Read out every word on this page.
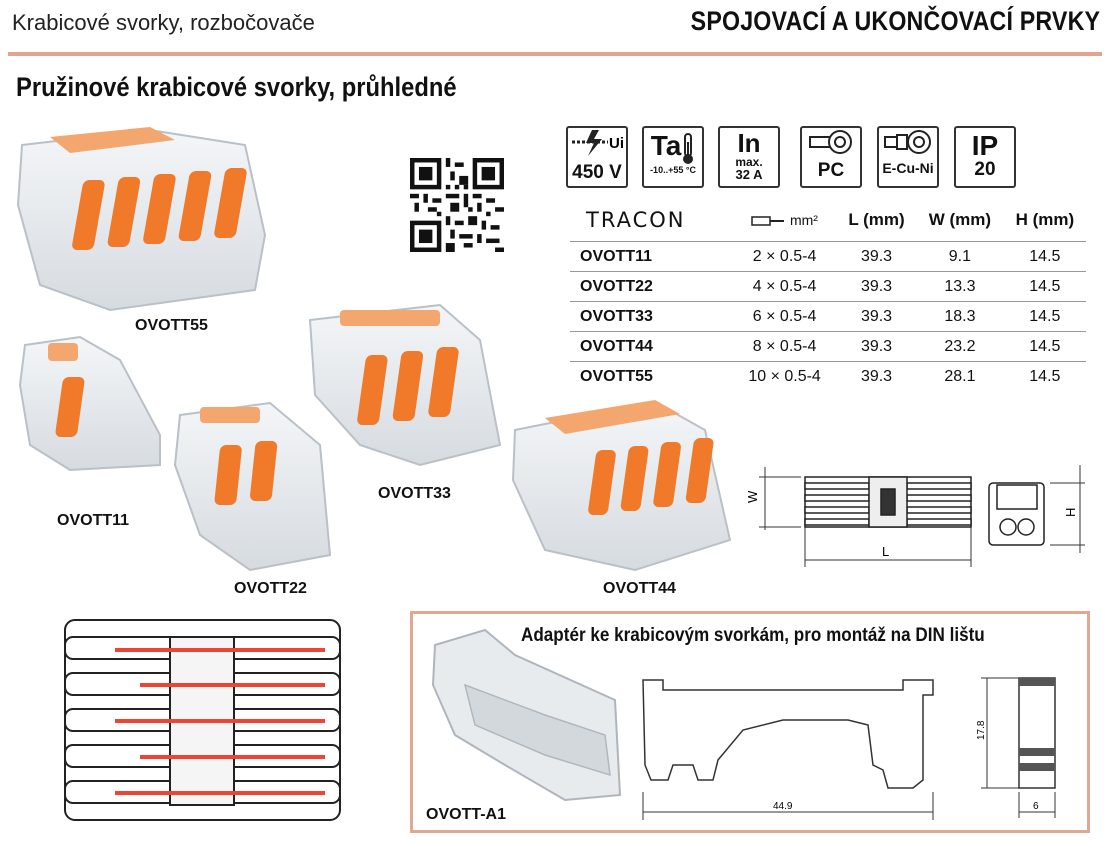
Krabicové svorky, rozbočovače	SPOJOVACÍ A UKONČOVACÍ PRVKY
Pružinové krabicové svorky, průhledné
Ui
450 V
Ta
-10..+55 °C
In
max.
32 A	PC	E-Cu-Ni
IP
20
TRACON	mm²	L (mm)	W (mm)	H (mm)
OVOTT11	2 × 0.5-4	39.3	9.1	14.5
OVOTT22	4 × 0.5-4	39.3	13.3	14.5
OVOTT33	6 × 0.5-4	39.3	18.3	14.5
OVOTT44	8 × 0.5-4	39.3	23.2	14.5
OVOTT55	10 × 0.5-4	39.3	28.1	14.5
OVOTT55
OVOTT11
OVOTT33
OVOTT22	OVOTT44
W
L
H
Adaptér ke krabicovým svorkám, pro montáž na DIN lištu
OVOTT-A1	44.9
17.8
6
